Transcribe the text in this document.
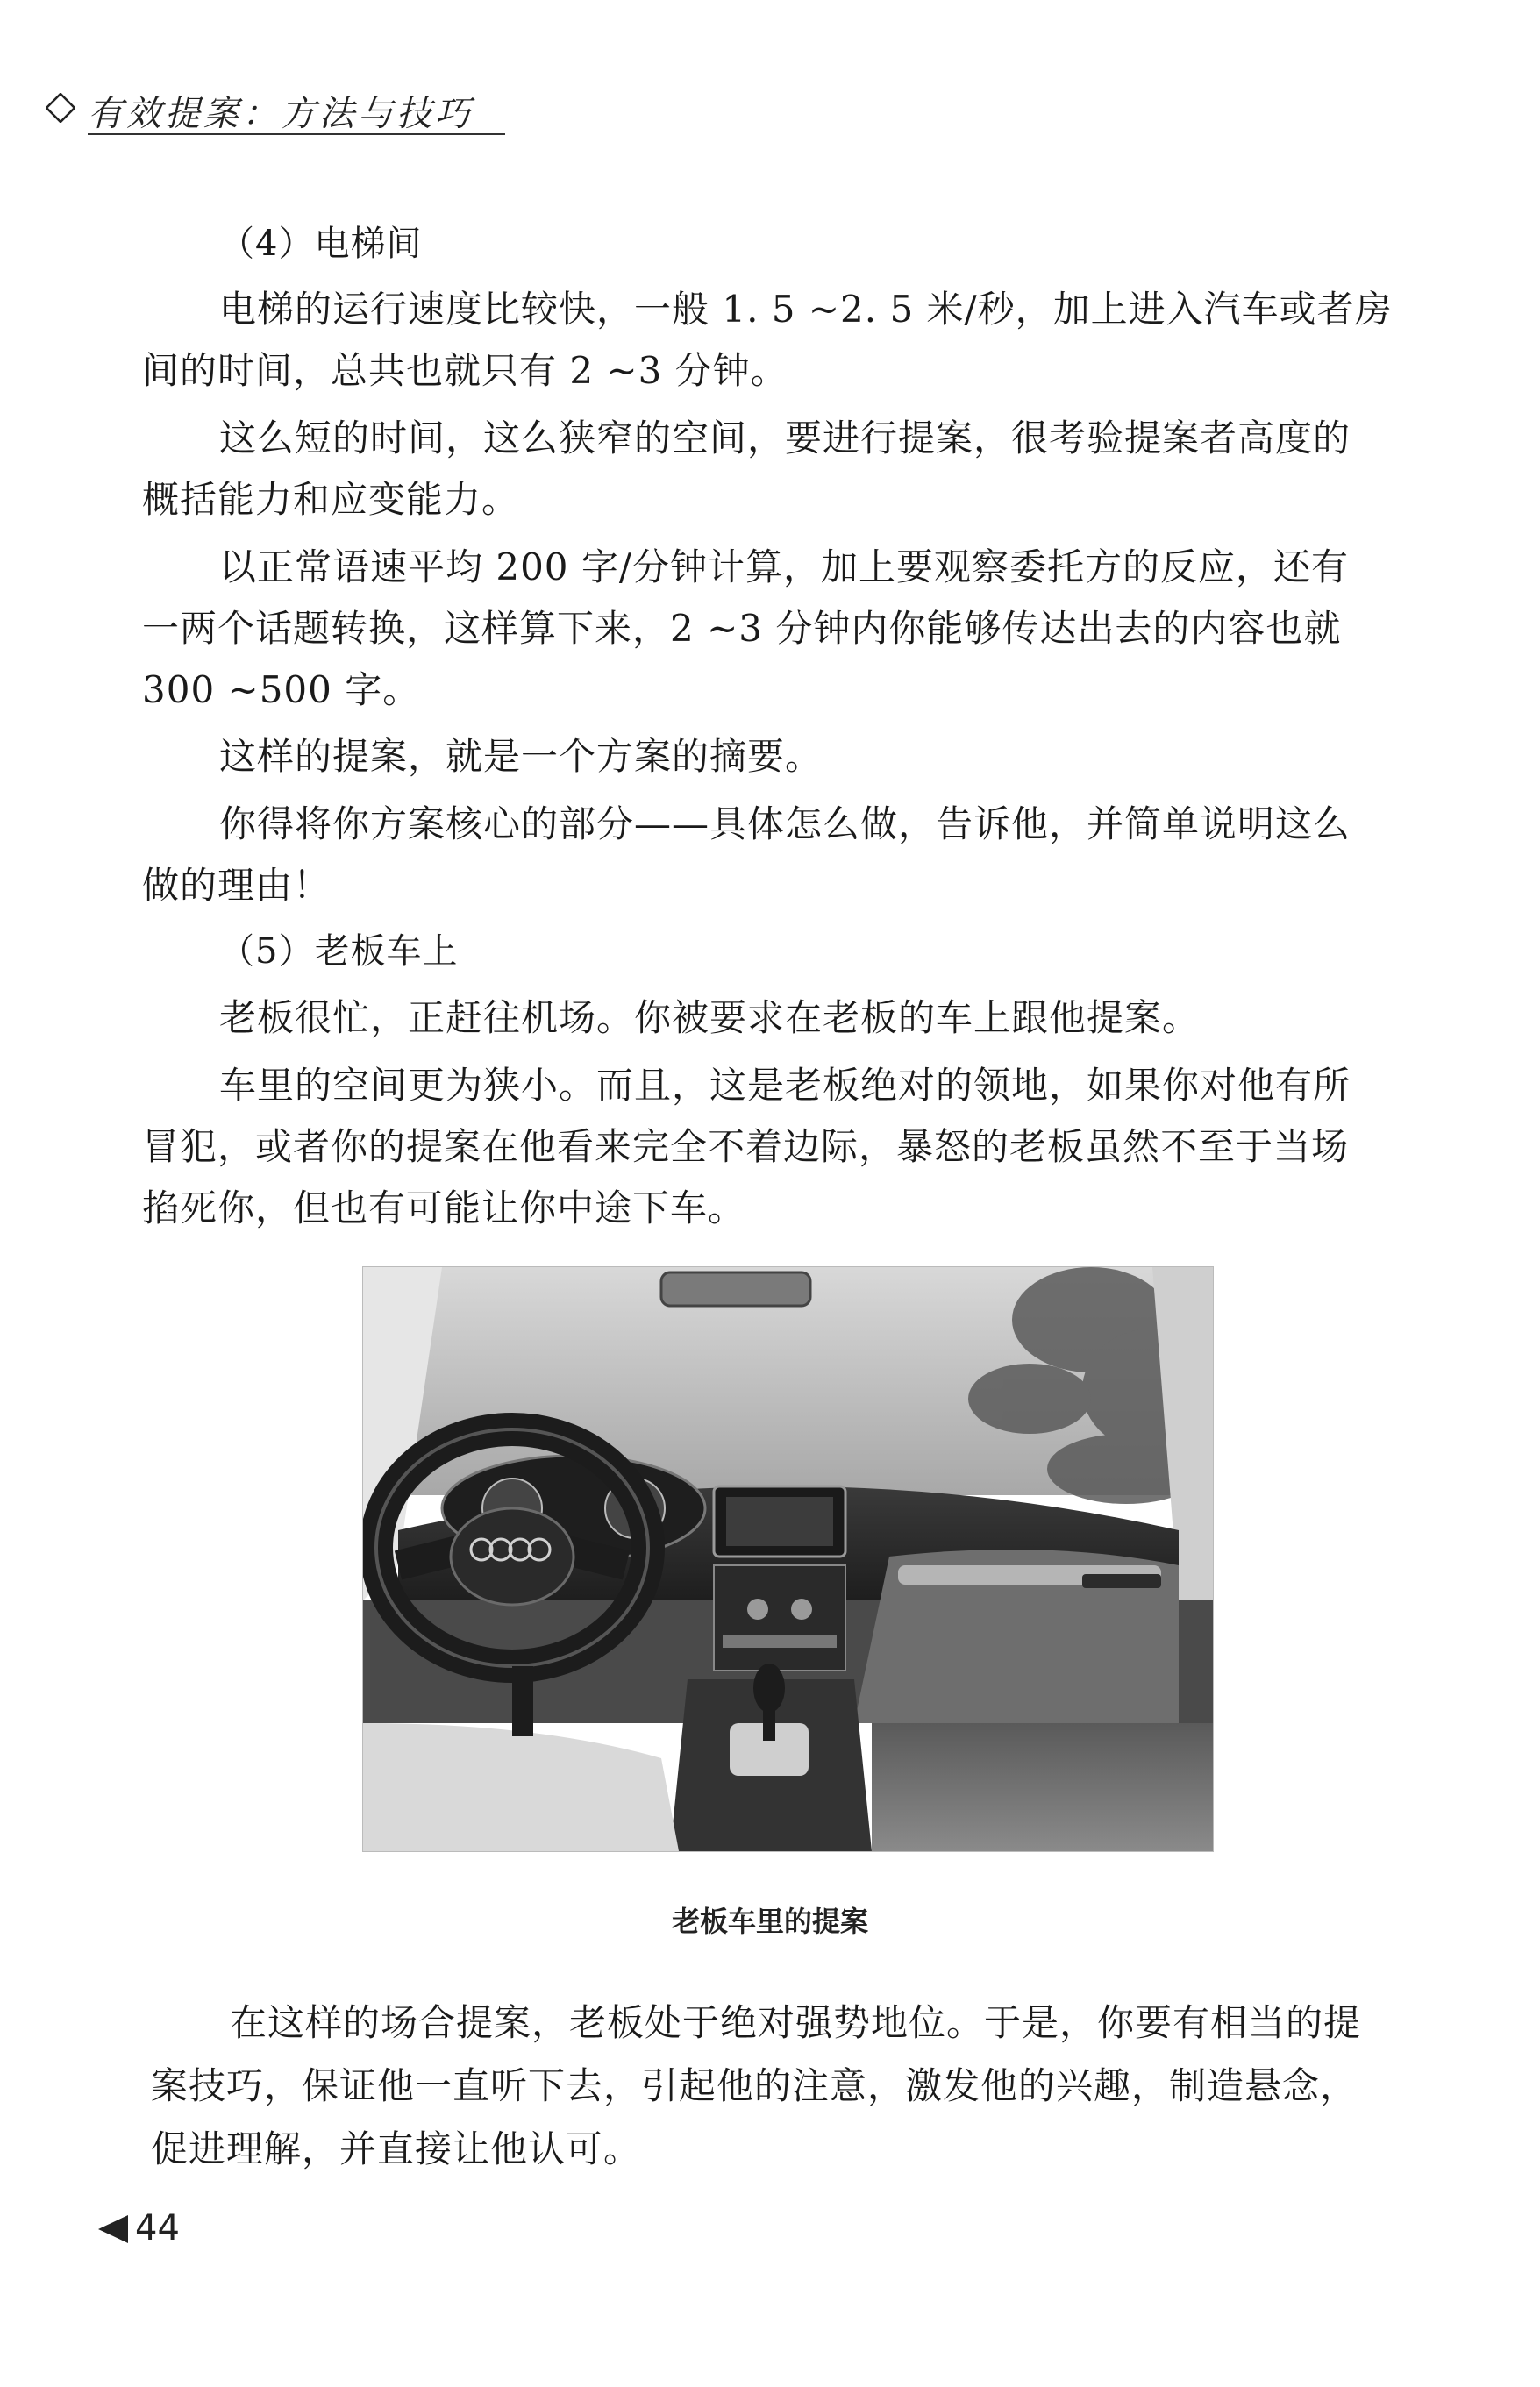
有效提案：方法与技巧

（4）电梯间

电梯的运行速度比较快，一般 1. 5 ~2. 5 米/秒，加上进入汽车或者房

间的时间，总共也就只有 2 ~3 分钟。

这么短的时间，这么狭窄的空间，要进行提案，很考验提案者高度的

概括能力和应变能力。

以正常语速平均 200 字/分钟计算，加上要观察委托方的反应，还有

一两个话题转换，这样算下来，2 ~3 分钟内你能够传达出去的内容也就

300 ~500 字。

这样的提案，就是一个方案的摘要。

你得将你方案核心的部分——具体怎么做，告诉他，并简单说明这么

做的理由！

（5）老板车上

老板很忙，正赶往机场。你被要求在老板的车上跟他提案。

车里的空间更为狭小。而且，这是老板绝对的领地，如果你对他有所

冒犯，或者你的提案在他看来完全不着边际，暴怒的老板虽然不至于当场

掐死你，但也有可能让你中途下车。

老板车里的提案

在这样的场合提案，老板处于绝对强势地位。于是，你要有相当的提

案技巧，保证他一直听下去，引起他的注意，激发他的兴趣，制造悬念，

促进理解，并直接让他认可。

44
